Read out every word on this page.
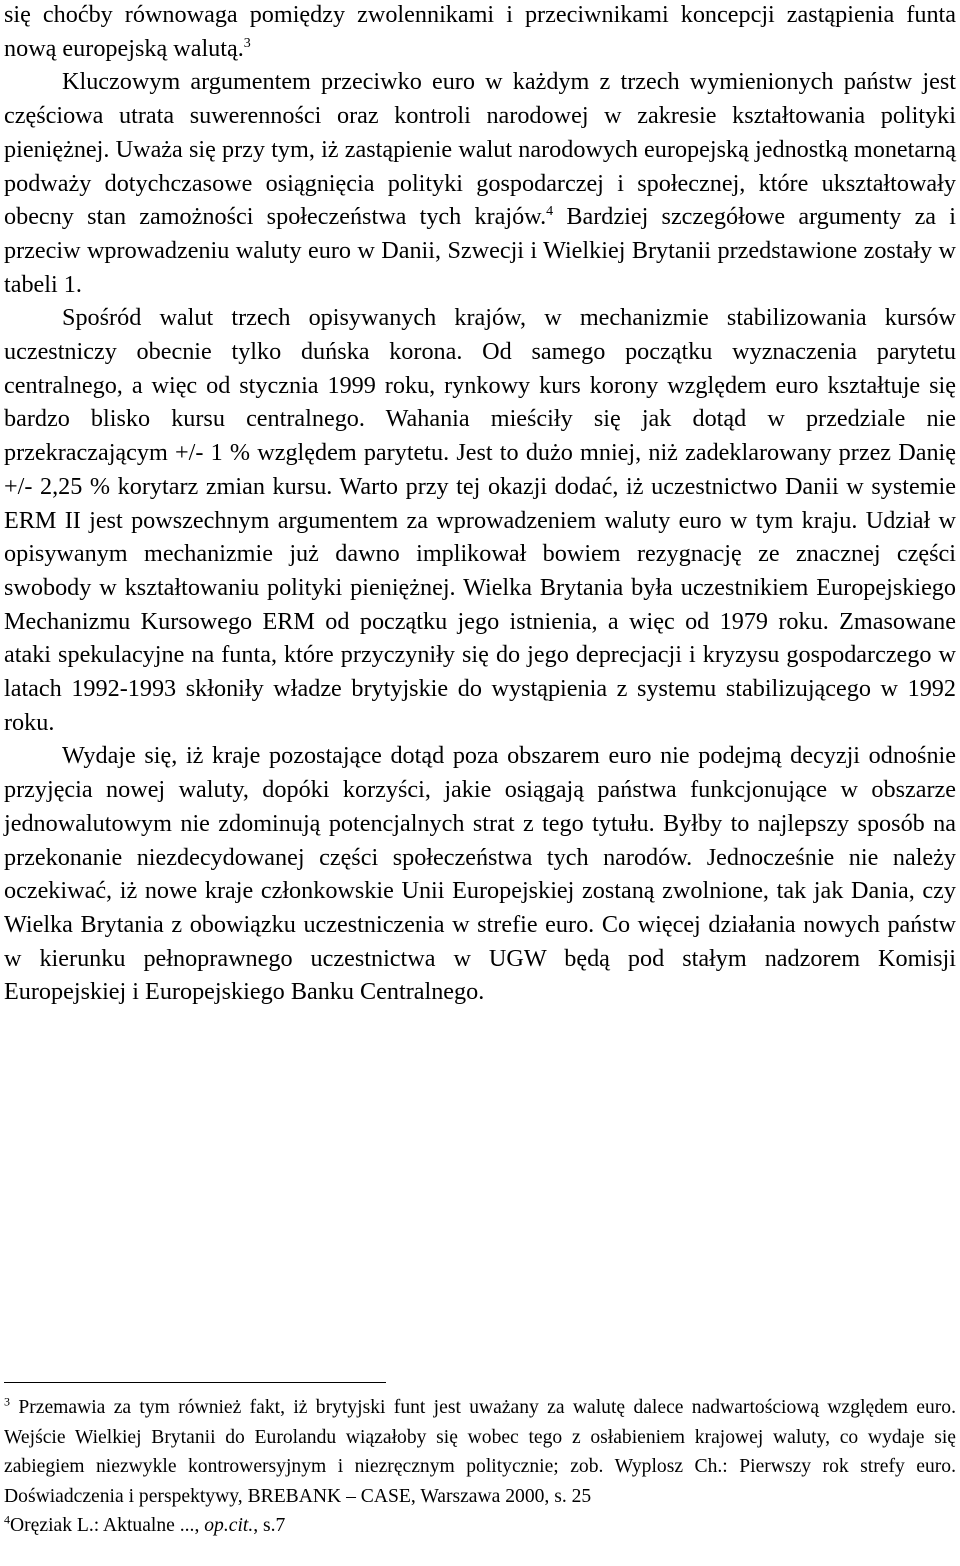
się choćby równowaga pomiędzy zwolennikami i przeciwnikami koncepcji zastąpienia funta nową europejską walutą.$^3$

Kluczowym argumentem przeciwko euro w każdym z trzech wymienionych państw jest częściowa utrata suwerenności oraz kontroli narodowej w zakresie kształtowania polityki pieniężnej. Uważa się przy tym, iż zastąpienie walut narodowych europejską jednostką monetarną podważy dotychczasowe osiągnięcia polityki gospodarczej i społecznej, które ukształtowały obecny stan zamożności społeczeństwa tych krajów.$^4$ Bardziej szczegółowe argumenty za i przeciw wprowadzeniu waluty euro w Danii, Szwecji i Wielkiej Brytanii przedstawione zostały w tabeli 1.

Spośród walut trzech opisywanych krajów, w mechanizmie stabilizowania kursów uczestniczy obecnie tylko duńska korona. Od samego początku wyznaczenia parytetu centralnego, a więc od stycznia 1999 roku, rynkowy kurs korony względem euro kształtuje się bardzo blisko kursu centralnego. Wahania mieściły się jak dotąd w przedziale nie przekraczającym +/- 1 % względem parytetu. Jest to dużo mniej, niż zadeklarowany przez Danię +/- 2,25 % korytarz zmian kursu. Warto przy tej okazji dodać, iż uczestnictwo Danii w systemie ERM II jest powszechnym argumentem za wprowadzeniem waluty euro w tym kraju. Udział w opisywanym mechanizmie już dawno implikował bowiem rezygnację ze znacznej części swobody w kształtowaniu polityki pieniężnej. Wielka Brytania była uczestnikiem Europejskiego Mechanizmu Kursowego ERM od początku jego istnienia, a więc od 1979 roku. Zmasowane ataki spekulacyjne na funta, które przyczyniły się do jego deprecjacji i kryzysu gospodarczego w latach 1992-1993 skłoniły władze brytyjskie do wystąpienia z systemu stabilizującego w 1992 roku.

Wydaje się, iż kraje pozostające dotąd poza obszarem euro nie podejmą decyzji odnośnie przyjęcia nowej waluty, dopóki korzyści, jakie osiągają państwa funkcjonujące w obszarze jednowalutowym nie zdominują potencjalnych strat z tego tytułu. Byłby to najlepszy sposób na przekonanie niezdecydowanej części społeczeństwa tych narodów. Jednocześnie nie należy oczekiwać, iż nowe kraje członkowskie Unii Europejskiej zostaną zwolnione, tak jak Dania, czy Wielka Brytania z obowiązku uczestniczenia w strefie euro. Co więcej działania nowych państw w kierunku pełnoprawnego uczestnictwa w UGW będą pod stałym nadzorem Komisji Europejskiej i Europejskiego Banku Centralnego.

$^3$ Przemawia za tym również fakt, iż brytyjski funt jest uważany za walutę dalece nadwartościową względem euro. Wejście Wielkiej Brytanii do Eurolandu wiązałoby się wobec tego z osłabieniem krajowej waluty, co wydaje się zabiegiem niezwykle kontrowersyjnym i niezręcznym politycznie; zob. Wyplosz Ch.: Pierwszy rok strefy euro. Doświadczenia i perspektywy, BREBANK – CASE, Warszawa 2000, s. 25

$^4$Oręziak L.: Aktualne ..., op.cit., s.7
